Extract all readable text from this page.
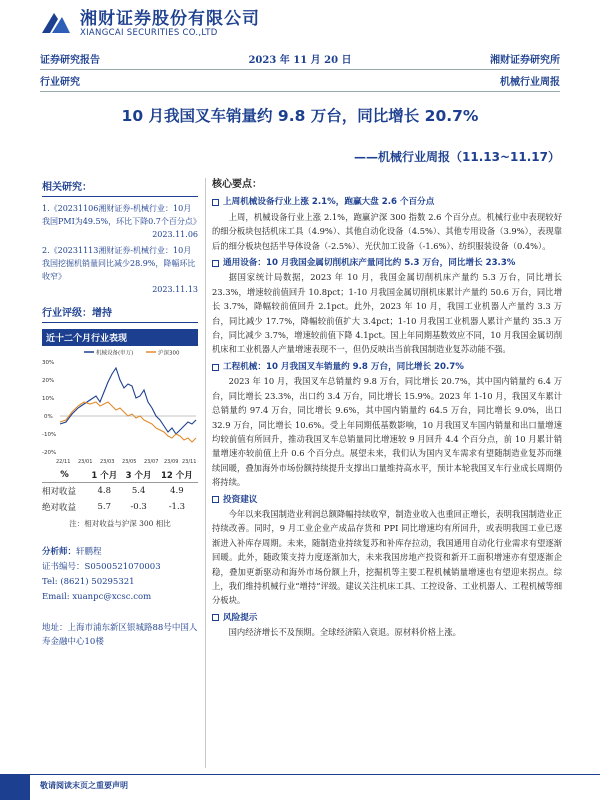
湘财证券股份有限公司
XIANGCAI SECURITIES CO.,LTD
证券研究报告	2023 年 11 月 20 日	湘财证券研究所
行业研究	机械行业周报
10 月我国叉车销量约 9.8 万台，同比增长 20.7%
——机械行业周报（11.13~11.17）
相关研究：
1.《20231106湘财证券-机械行业：10月我国PMI为49.5%，环比下降0.7个百分点》
2023.11.06
2.《20231113湘财证券-机械行业：10月我国挖掘机销量同比减少28.9%，降幅环比收窄》
2023.11.13
行业评级：增持
近十二个月行业表现
机械设备(申万)	沪深300
30%
20%
10%
0%
-10%
-20%
22/11 23/01 23/03 23/05 23/07 23/09 23/11
%	1 个月	3 个月	12 个月
相对收益	4.8	5.4	4.9
绝对收益	5.7	-0.3	-1.3
注：相对收益与沪深 300 相比
分析师：轩鹏程
证书编号：S0500521070003
Tel: (8621) 50295321
Email: xuanpc@xcsc.com
地址：上海市浦东新区银城路88号中国人寿金融中心10楼
核心要点：
上周机械设备行业上涨 2.1%，跑赢大盘 2.6 个百分点

上周，机械设备行业上涨 2.1%，跑赢沪深 300 指数 2.6 个百分点。机械行业中表现较好的细分板块包括机床工具（4.9%）、其他自动化设备（4.5%）、其他专用设备（3.9%），表现靠后的细分板块包括半导体设备（-2.5%）、光伏加工设备（-1.6%）、纺织服装设备（0.4%）。

通用设备：10 月我国金属切削机床产量同比约 5.3 万台，同比增长 23.3%

据国家统计局数据，2023 年 10 月，我国金属切削机床产量约 5.3 万台，同比增长 23.3%，增速较前值回升 10.8pct；1-10 月我国金属切削机床累计产量约 50.6 万台，同比增长 3.7%，降幅较前值回升 2.1pct。此外，2023 年 10 月，我国工业机器人产量约 3.3 万台，同比减少 17.7%，降幅较前值扩大 3.4pct；1-10 月我国工业机器人累计产量约 35.3 万台，同比减少 3.7%，增速较前值下降 4.1pct。国上年同期基数效应不同，10 月我国金属切削机床和工业机器人产量增速表现不一，但仍反映出当前我国制造业复苏动能不强。

工程机械：10 月我国叉车销量约 9.8 万台，同比增长 20.7%

2023 年 10 月，我国叉车总销量约 9.8 万台，同比增长 20.7%，其中国内销量约 6.4 万台，同比增长 23.3%，出口约 3.4 万台，同比增长 15.9%。2023 年 1-10 月，我国叉车累计总销量约 97.4 万台，同比增长 9.6%，其中国内销量约 64.5 万台，同比增长 9.0%，出口 32.9 万台，同比增长 10.6%。受上年同期低基数影响，10 月我国叉车国内销量和出口量增速均较前值有所回升，推动我国叉车总销量同比增速较 9 月回升 4.4 个百分点，前 10 月累计销量增速亦较前值上升 0.6 个百分点。展望未来，我们认为国内叉车需求有望随制造业复苏而继续回暖，叠加海外市场份额持续提升支撑出口量维持高水平，预计本轮我国叉车行业成长周期仍将持续。

投资建议

今年以来我国制造业利润总额降幅持续收窄，制造业收入也重回正增长，表明我国制造业正持续改善。同时，9 月工业企业产成品存货和 PPI 同比增速均有所回升，或表明我国工业已逐渐进入补库存周期。未来，随制造业持续复苏和补库存拉动，我国通用自动化行业需求有望逐渐回暖。此外，随政策支持力度逐渐加大，未来我国房地产投资和新开工面积增速亦有望逐渐企稳，叠加更新驱动和海外市场份额上升，挖掘机等主要工程机械销量增速也有望迎来拐点。综上，我们维持机械行业“增持”评级。建议关注机床工具、工控设备、工业机器人、工程机械等细分板块。

风险提示

国内经济增长不及预期。全球经济陷入衰退。原材料价格上涨。

敬请阅读末页之重要声明
